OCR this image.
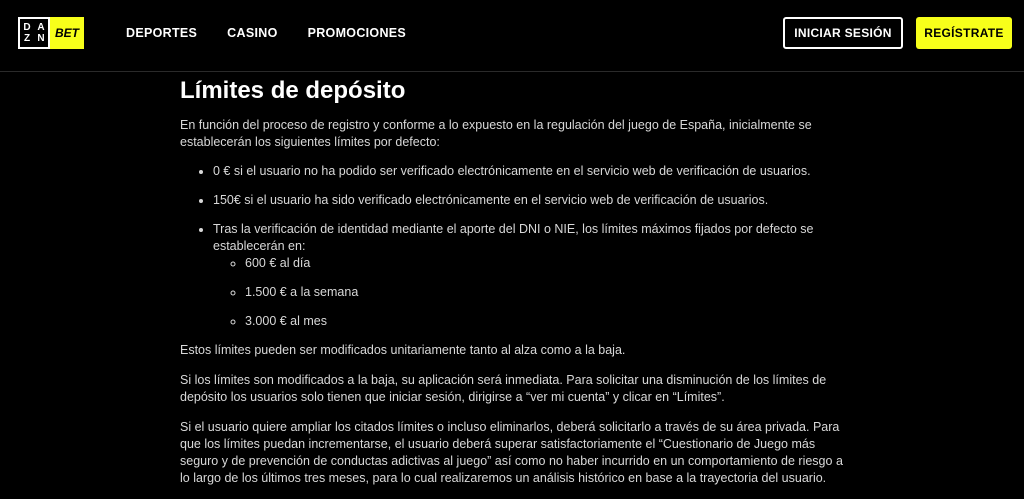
D A
Z N BET	DEPORTES CASINO PROMOCIONES	INICIAR SESIÓN	REGÍSTRATE
Límites de depósito

En función del proceso de registro y conforme a lo expuesto en la regulación del juego de España, inicialmente se establecerán los siguientes límites por defecto:

• 0 € si el usuario no ha podido ser verificado electrónicamente en el servicio web de verificación de usuarios.
• 150€ si el usuario ha sido verificado electrónicamente en el servicio web de verificación de usuarios.
• Tras la verificación de identidad mediante el aporte del DNI o NIE, los límites máximos fijados por defecto se establecerán en:
◦ 600 € al día
◦ 1.500 € a la semana
◦ 3.000 € al mes

Estos límites pueden ser modificados unitariamente tanto al alza como a la baja.

Si los límites son modificados a la baja, su aplicación será inmediata. Para solicitar una disminución de los límites de depósito los usuarios solo tienen que iniciar sesión, dirigirse a “ver mi cuenta” y clicar en “Límites”.

Si el usuario quiere ampliar los citados límites o incluso eliminarlos, deberá solicitarlo a través de su área privada. Para que los límites puedan incrementarse, el usuario deberá superar satisfactoriamente el “Cuestionario de Juego más seguro y de prevención de conductas adictivas al juego” así como no haber incurrido en un comportamiento de riesgo a lo largo de los últimos tres meses, para lo cual realizaremos un análisis histórico en base a la trayectoria del usuario.
